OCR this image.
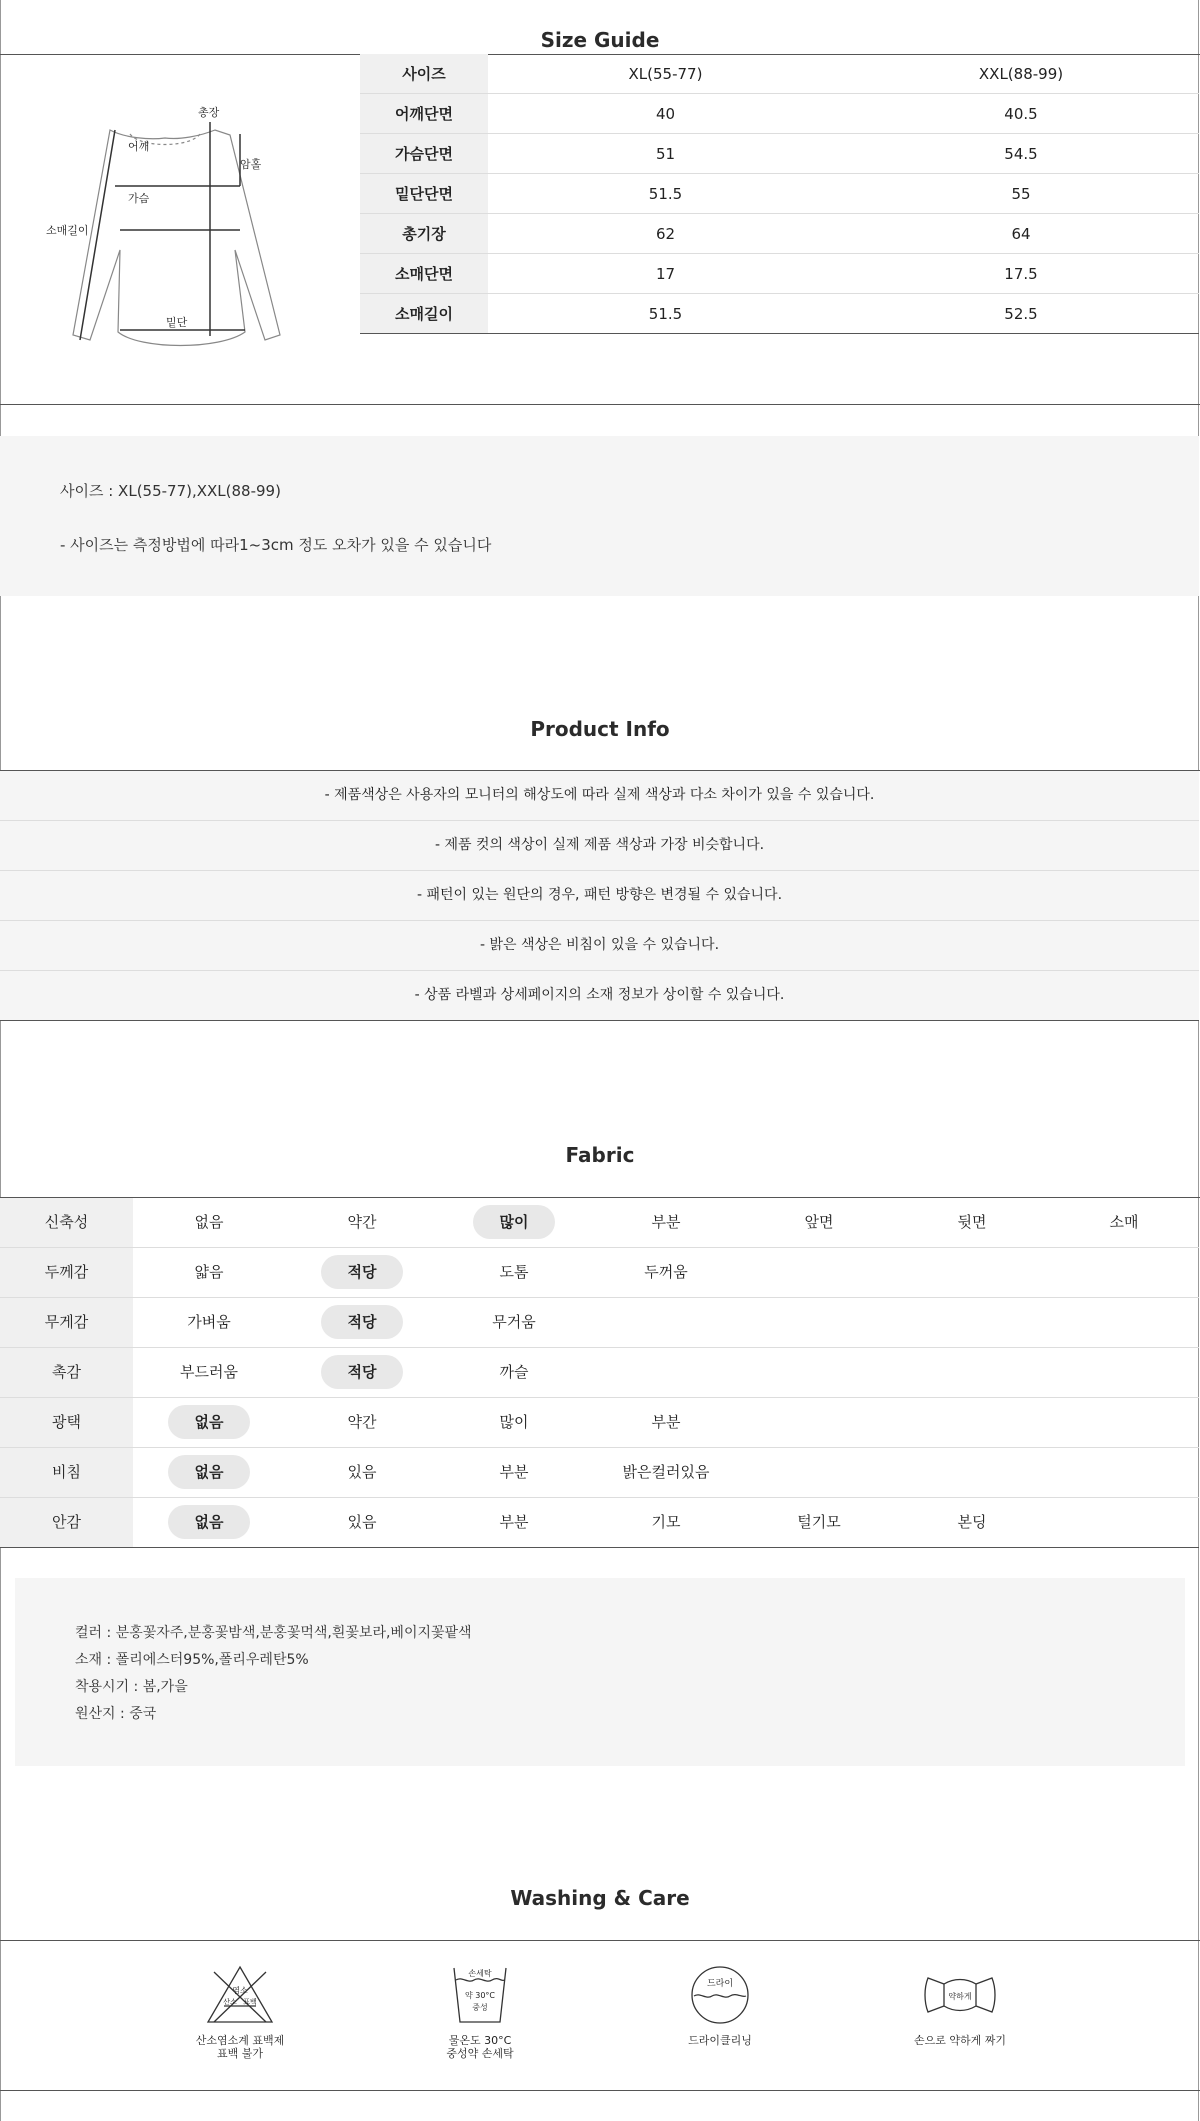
Size Guide
총장
어깨
암홀
가슴
소매길이
밑단
사이즈	XL(55-77)	XXL(88-99)
어깨단면	40	40.5
가슴단면	51	54.5
밑단단면	51.5	55
총기장	62	64
소매단면	17	17.5
소매길이	51.5	52.5

사이즈 : XL(55-77),XXL(88-99)

- 사이즈는 측정방법에 따라1~3cm 정도 오차가 있을 수 있습니다

Product Info
- 제품색상은 사용자의 모니터의 해상도에 따라 실제 색상과 다소 차이가 있을 수 있습니다.
- 제품 컷의 색상이 실제 제품 색상과 가장 비슷합니다.
- 패턴이 있는 원단의 경우, 패턴 방향은 변경될 수 있습니다.
- 밝은 색상은 비침이 있을 수 있습니다.
- 상품 라벨과 상세페이지의 소재 정보가 상이할 수 있습니다.
Fabric
신축성	없음	약간	많이	부분	앞면	뒷면	소매
두께감	얇음	적당	도톰	두꺼움
무게감	가벼움	적당	무거움
촉감	부드러움	적당	까슬
광택	없음	약간	많이	부분
비침	없음	있음	부분	밝은컬러있음
안감	없음	있음	부분	기모	털기모	본딩

컬러 : 분홍꽃자주,분홍꽃밤색,분홍꽃먹색,흰꽃보라,베이지꽃팥색

소재 : 폴리에스터95%,폴리우레탄5%

착용시기 : 봄,가을

원산지 : 중국

Washing & Care
염소
산소 표백
산소염소계 표백제
표백 불가
손세탁
약 30°C
중성
물온도 30°C
중성약 손세탁
드라이
드라이클리닝
약하게
손으로 약하게 짜기
